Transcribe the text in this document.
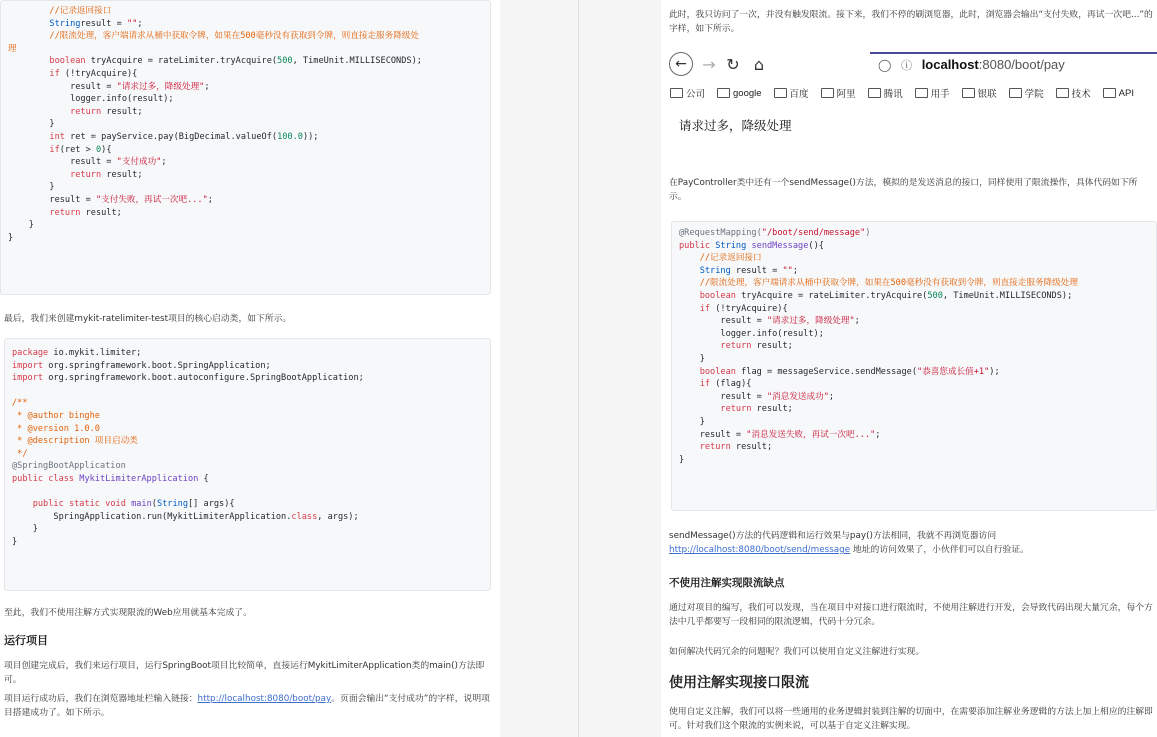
//记录返回接口
Stringresult = "";
//限流处理，客户端请求从桶中获取令牌，如果在500毫秒没有获取到令牌，则直接走服务降级处
理
boolean tryAcquire = rateLimiter.tryAcquire(500, TimeUnit.MILLISECONDS);
if (!tryAcquire){
result = "请求过多，降级处理";
logger.info(result);
return result;
}
int ret = payService.pay(BigDecimal.valueOf(100.0));
if(ret > 0){
result = "支付成功";
return result;
}
result = "支付失败，再试一次吧...";
return result;
}
}
最后，我们来创建mykit-ratelimiter-test项目的核心启动类，如下所示。
package io.mykit.limiter;
import org.springframework.boot.SpringApplication;
import org.springframework.boot.autoconfigure.SpringBootApplication;
/**
* @author binghe
* @version 1.0.0
* @description 项目启动类
*/
@SpringBootApplication
public class MykitLimiterApplication {
public static void main(String[] args){
SpringApplication.run(MykitLimiterApplication.class, args);
}
}
至此，我们不使用注解方式实现限流的Web应用就基本完成了。
运行项目
项目创建完成后，我们来运行项目，运行SpringBoot项目比较简单，直接运行MykitLimiterApplication类的main()方法即可。
项目运行成功后，我们在浏览器地址栏输入链接：http://localhost:8080/boot/pay。页面会输出“支付成功”的字样，说明项目搭建成功了。如下所示。
此时，我只访问了一次，并没有触发限流。接下来，我们不停的刷浏览器，此时，浏览器会输出“支付失败，再试一次吧...”的字样，如下所示。
← → ↻ ⌂	◯ ⓘ localhost:8080/boot/pay
公司	google	百度	阿里	腾讯	用手	银联	学院	技术	API
请求过多，降级处理
在PayController类中还有一个sendMessage()方法，模拟的是发送消息的接口，同样使用了限流操作，具体代码如下所示。
@RequestMapping("/boot/send/message")
public String sendMessage(){
//记录返回接口
String result = "";
//限流处理，客户端请求从桶中获取令牌，如果在500毫秒没有获取到令牌，则直接走服务降级处理
boolean tryAcquire = rateLimiter.tryAcquire(500, TimeUnit.MILLISECONDS);
if (!tryAcquire){
result = "请求过多，降级处理";
logger.info(result);
return result;
}
boolean flag = messageService.sendMessage("恭喜您成长值+1");
if (flag){
result = "消息发送成功";
return result;
}
result = "消息发送失败，再试一次吧...";
return result;
}
sendMessage()方法的代码逻辑和运行效果与pay()方法相同，我就不再浏览器访问 http://localhost:8080/boot/send/message 地址的访问效果了，小伙伴们可以自行验证。
不使用注解实现限流缺点
通过对项目的编写，我们可以发现，当在项目中对接口进行限流时，不使用注解进行开发，会导致代码出现大量冗余，每个方法中几乎都要写一段相同的限流逻辑，代码十分冗余。
如何解决代码冗余的问题呢？我们可以使用自定义注解进行实现。
使用注解实现接口限流
使用自定义注解，我们可以将一些通用的业务逻辑封装到注解的切面中，在需要添加注解业务逻辑的方法上加上相应的注解即可。针对我们这个限流的实例来说，可以基于自定义注解实现。
